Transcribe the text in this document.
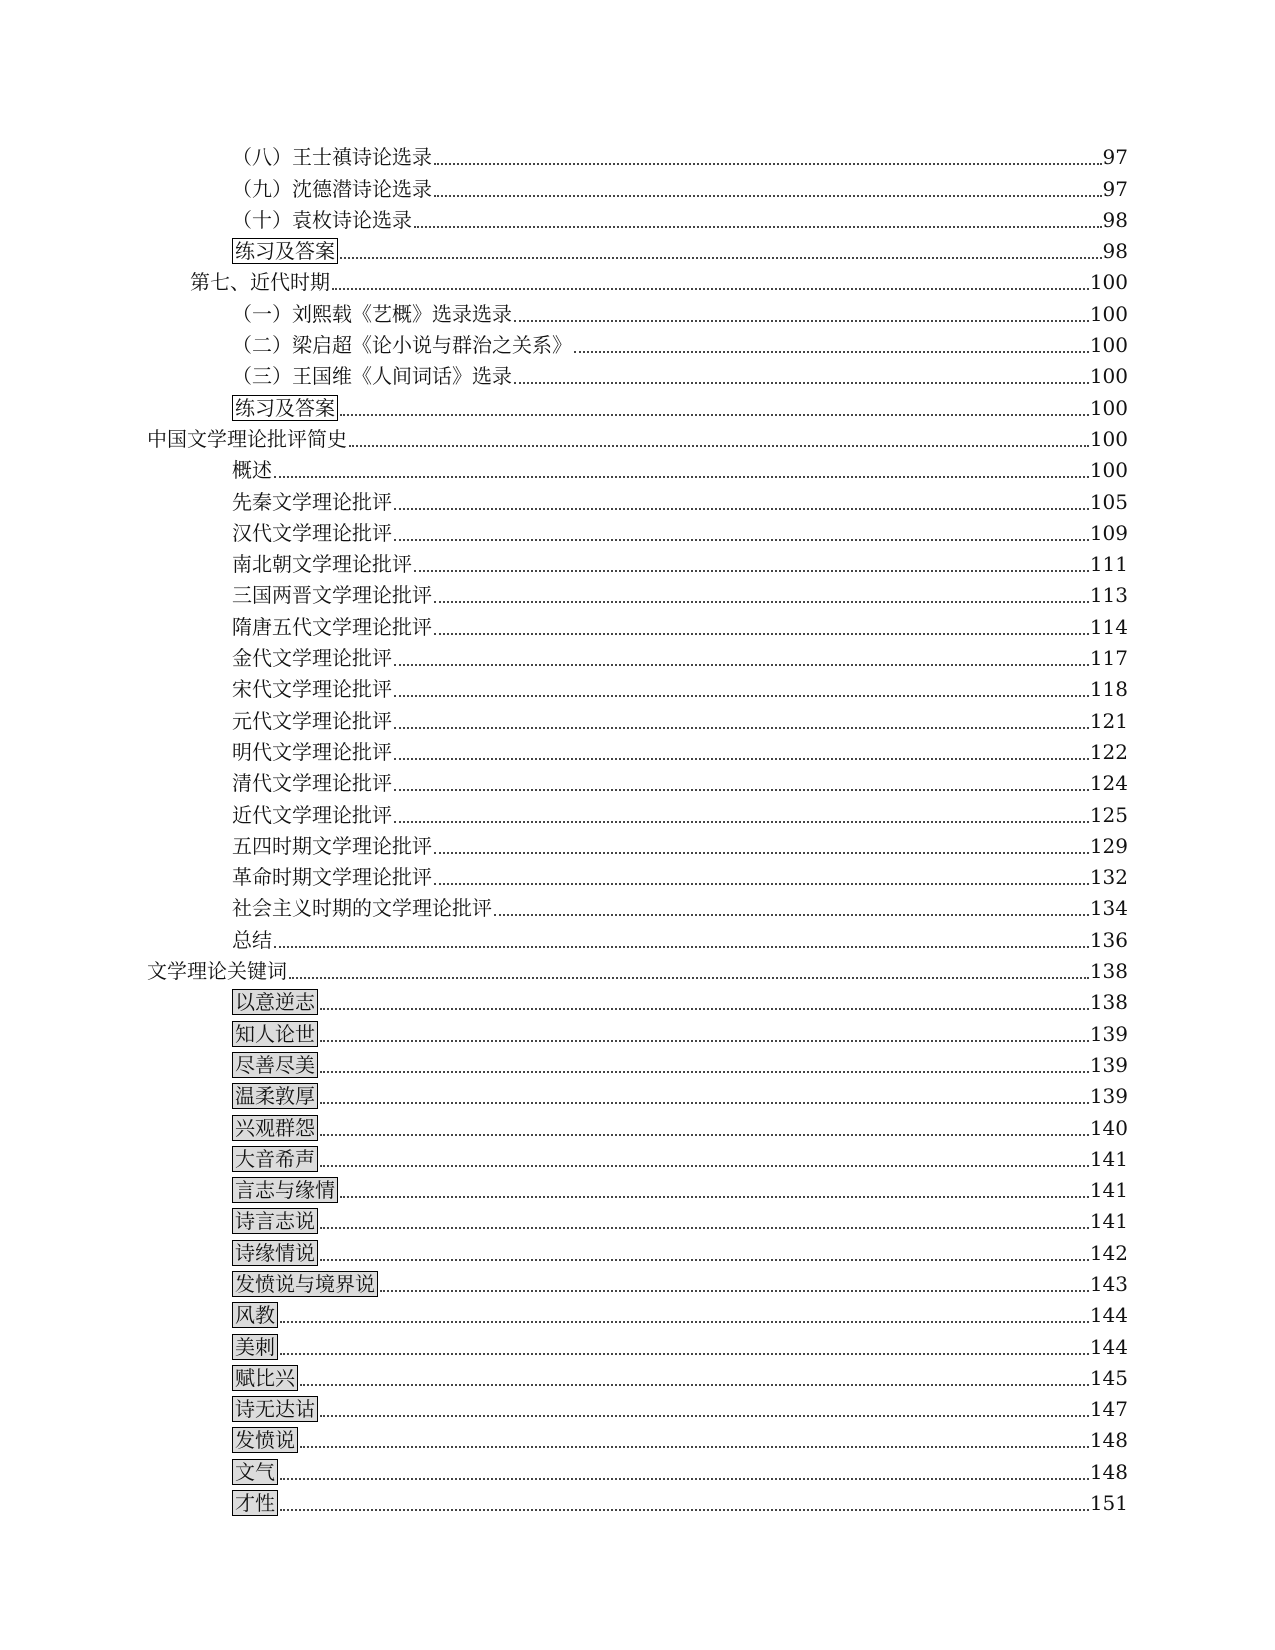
（八）王士禛诗论选录	97
（九）沈德潜诗论选录	97
（十）袁枚诗论选录	98
练习及答案	98
第七、近代时期	100
（一）刘熙载《艺概》选录选录	100
（二）梁启超《论小说与群治之关系》	100
（三）王国维《人间词话》选录	100
练习及答案	100
中国文学理论批评简史	100
概述	100
先秦文学理论批评	105
汉代文学理论批评	109
南北朝文学理论批评	111
三国两晋文学理论批评	113
隋唐五代文学理论批评	114
金代文学理论批评	117
宋代文学理论批评	118
元代文学理论批评	121
明代文学理论批评	122
清代文学理论批评	124
近代文学理论批评	125
五四时期文学理论批评	129
革命时期文学理论批评	132
社会主义时期的文学理论批评	134
总结	136
文学理论关键词	138
以意逆志	138
知人论世	139
尽善尽美	139
温柔敦厚	139
兴观群怨	140
大音希声	141
言志与缘情	141
诗言志说	141
诗缘情说	142
发愤说与境界说	143
风教	144
美刺	144
赋比兴	145
诗无达诂	147
发愤说	148
文气	148
才性	151
